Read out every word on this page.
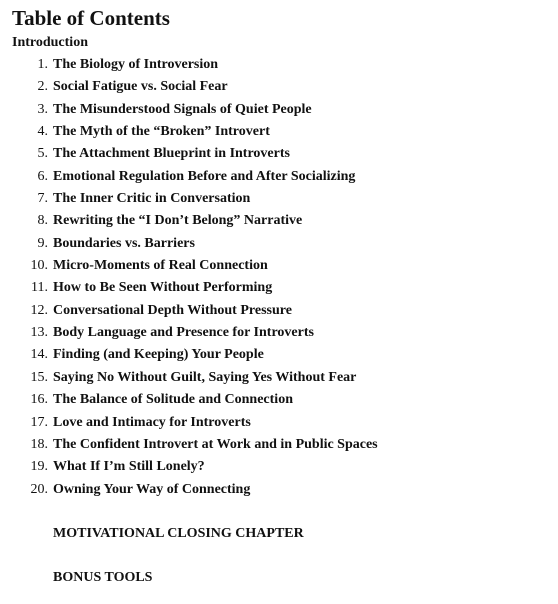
Table of Contents
Introduction
1. The Biology of Introversion
2. Social Fatigue vs. Social Fear
3. The Misunderstood Signals of Quiet People
4. The Myth of the “Broken” Introvert
5. The Attachment Blueprint in Introverts
6. Emotional Regulation Before and After Socializing
7. The Inner Critic in Conversation
8. Rewriting the “I Don’t Belong” Narrative
9. Boundaries vs. Barriers
10. Micro-Moments of Real Connection
11. How to Be Seen Without Performing
12. Conversational Depth Without Pressure
13. Body Language and Presence for Introverts
14. Finding (and Keeping) Your People
15. Saying No Without Guilt, Saying Yes Without Fear
16. The Balance of Solitude and Connection
17. Love and Intimacy for Introverts
18. The Confident Introvert at Work and in Public Spaces
19. What If I’m Still Lonely?
20. Owning Your Way of Connecting
MOTIVATIONAL CLOSING CHAPTER
BONUS TOOLS
